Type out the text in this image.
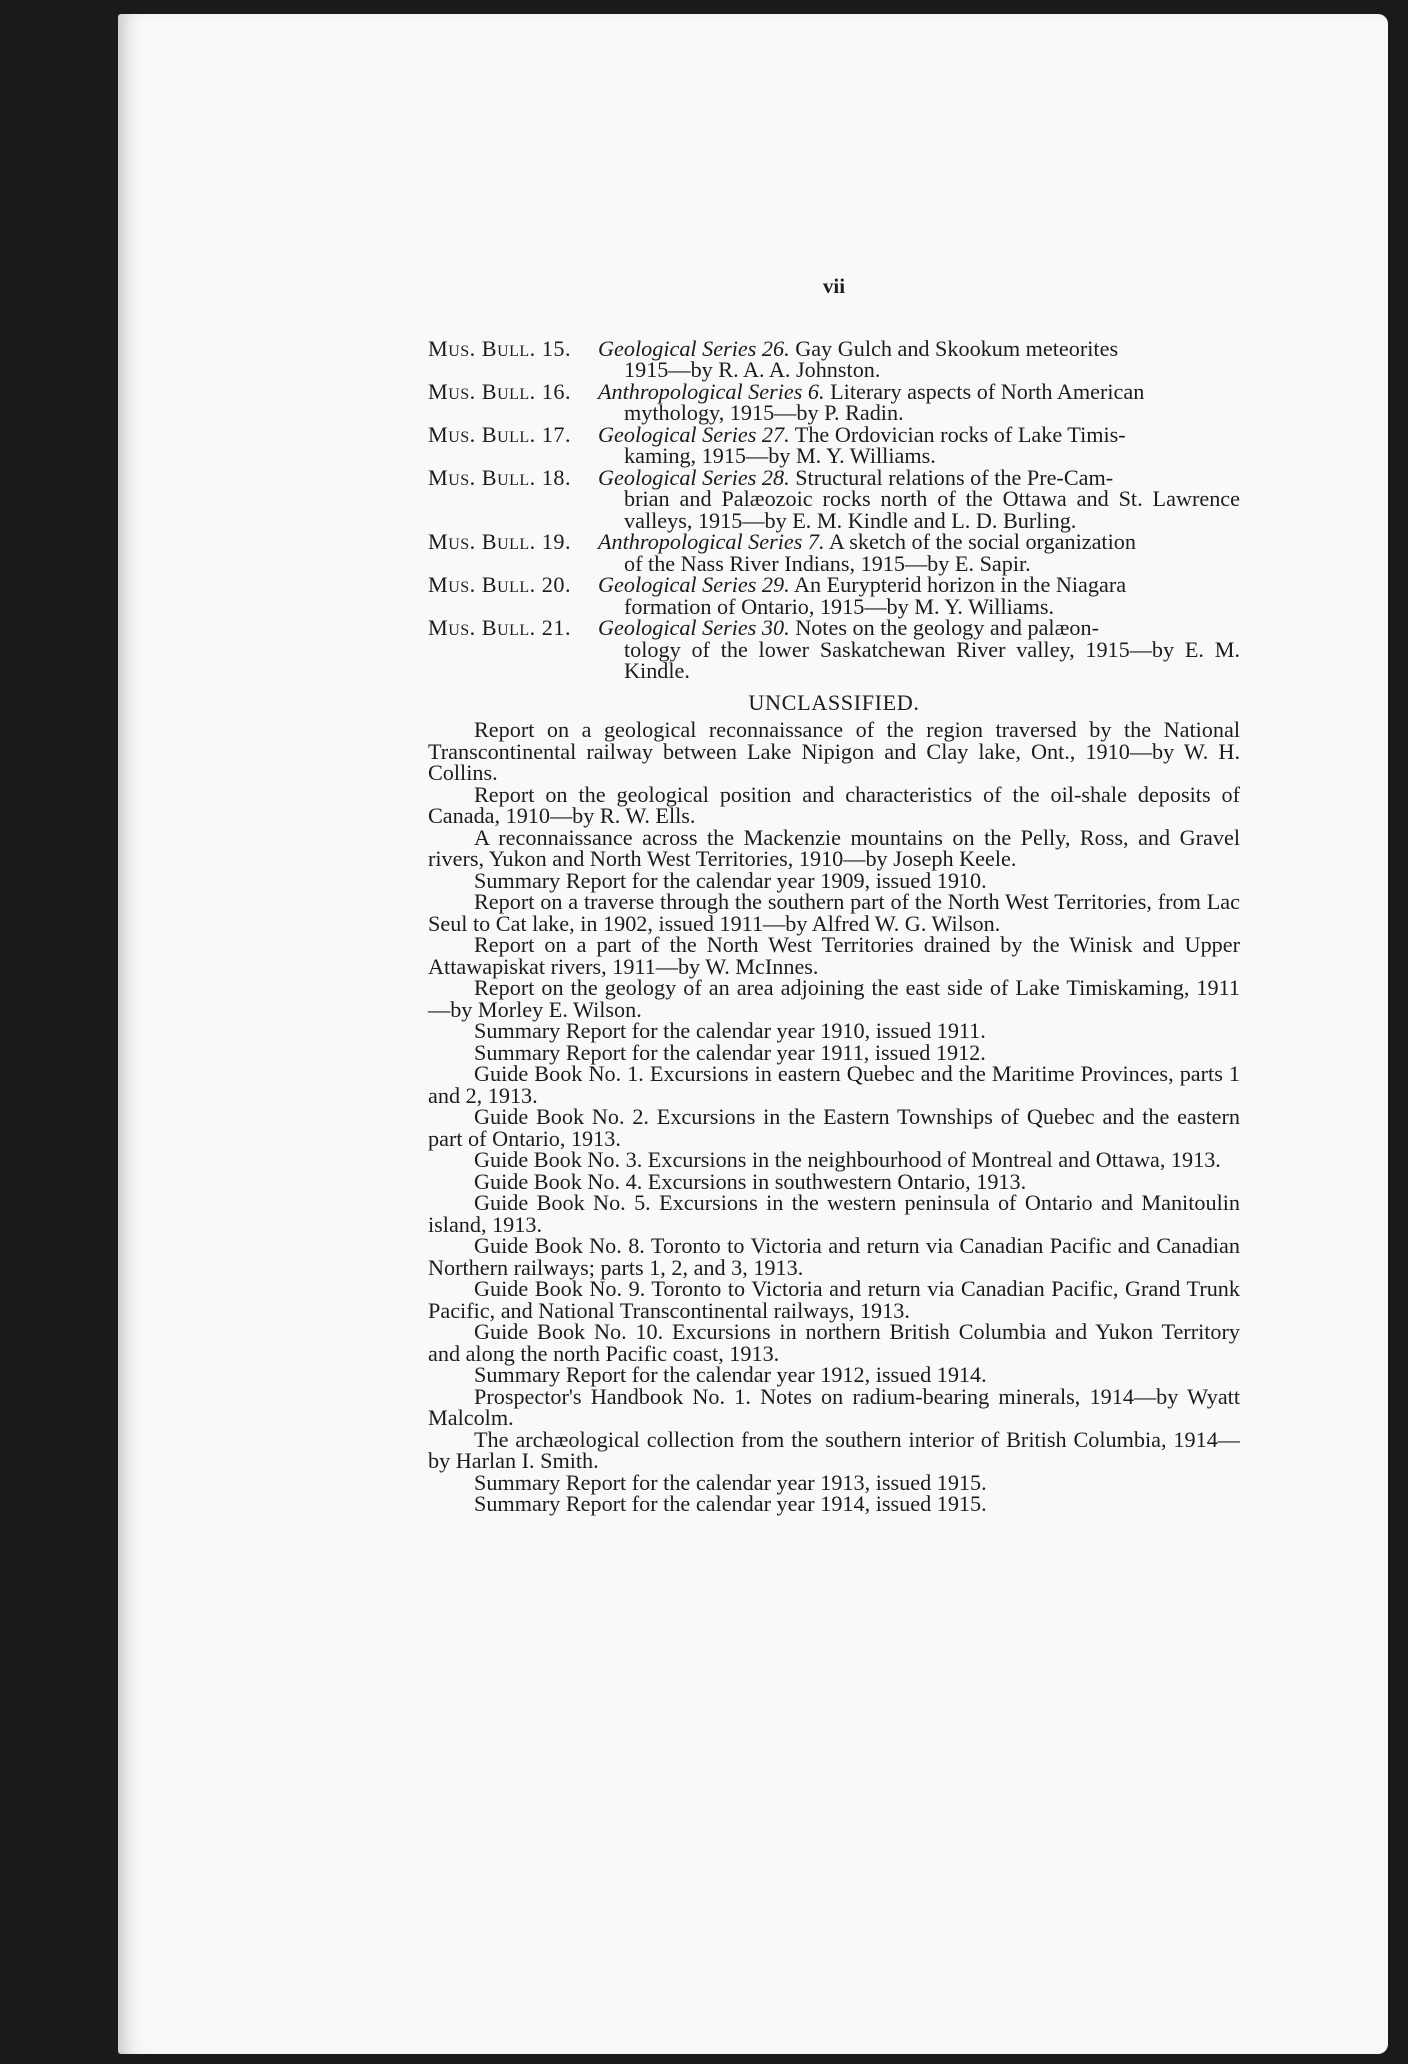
vii
Mus. Bull. 15.	Geological Series 26. Gay Gulch and Skookum meteorites
1915—by R. A. A. Johnston.
Mus. Bull. 16.	Anthropological Series 6. Literary aspects of North American
mythology, 1915—by P. Radin.
Mus. Bull. 17.	Geological Series 27. The Ordovician rocks of Lake Timis-
kaming, 1915—by M. Y. Williams.
Mus. Bull. 18.	Geological Series 28. Structural relations of the Pre-Cam-
brian and Palæozoic rocks north of the Ottawa and St. Lawrence valleys, 1915—by E. M. Kindle and L. D. Burling.
Mus. Bull. 19.	Anthropological Series 7. A sketch of the social organization
of the Nass River Indians, 1915—by E. Sapir.
Mus. Bull. 20.	Geological Series 29. An Eurypterid horizon in the Niagara
formation of Ontario, 1915—by M. Y. Williams.
Mus. Bull. 21.	Geological Series 30. Notes on the geology and palæon-
tology of the lower Saskatchewan River valley, 1915—by E. M. Kindle.
UNCLASSIFIED.

Report on a geological reconnaissance of the region traversed by the National Transcontinental railway between Lake Nipigon and Clay lake, Ont., 1910—by W. H. Collins.

Report on the geological position and characteristics of the oil-shale deposits of Canada, 1910—by R. W. Ells.

A reconnaissance across the Mackenzie mountains on the Pelly, Ross, and Gravel rivers, Yukon and North West Territories, 1910—by Joseph Keele.

Summary Report for the calendar year 1909, issued 1910.

Report on a traverse through the southern part of the North West Territories, from Lac Seul to Cat lake, in 1902, issued 1911—by Alfred W. G. Wilson.

Report on a part of the North West Territories drained by the Winisk and Upper Attawapiskat rivers, 1911—by W. McInnes.

Report on the geology of an area adjoining the east side of Lake Timiskaming, 1911—by Morley E. Wilson.

Summary Report for the calendar year 1910, issued 1911.

Summary Report for the calendar year 1911, issued 1912.

Guide Book No. 1. Excursions in eastern Quebec and the Maritime Provinces, parts 1 and 2, 1913.

Guide Book No. 2. Excursions in the Eastern Townships of Quebec and the eastern part of Ontario, 1913.

Guide Book No. 3. Excursions in the neighbourhood of Montreal and Ottawa, 1913.

Guide Book No. 4. Excursions in southwestern Ontario, 1913.

Guide Book No. 5. Excursions in the western peninsula of Ontario and Manitoulin island, 1913.

Guide Book No. 8. Toronto to Victoria and return via Canadian Pacific and Canadian Northern railways; parts 1, 2, and 3, 1913.

Guide Book No. 9. Toronto to Victoria and return via Canadian Pacific, Grand Trunk Pacific, and National Transcontinental railways, 1913.

Guide Book No. 10. Excursions in northern British Columbia and Yukon Territory and along the north Pacific coast, 1913.

Summary Report for the calendar year 1912, issued 1914.

Prospector's Handbook No. 1. Notes on radium-bearing minerals, 1914—by Wyatt Malcolm.

The archæological collection from the southern interior of British Columbia, 1914—by Harlan I. Smith.

Summary Report for the calendar year 1913, issued 1915.

Summary Report for the calendar year 1914, issued 1915.
